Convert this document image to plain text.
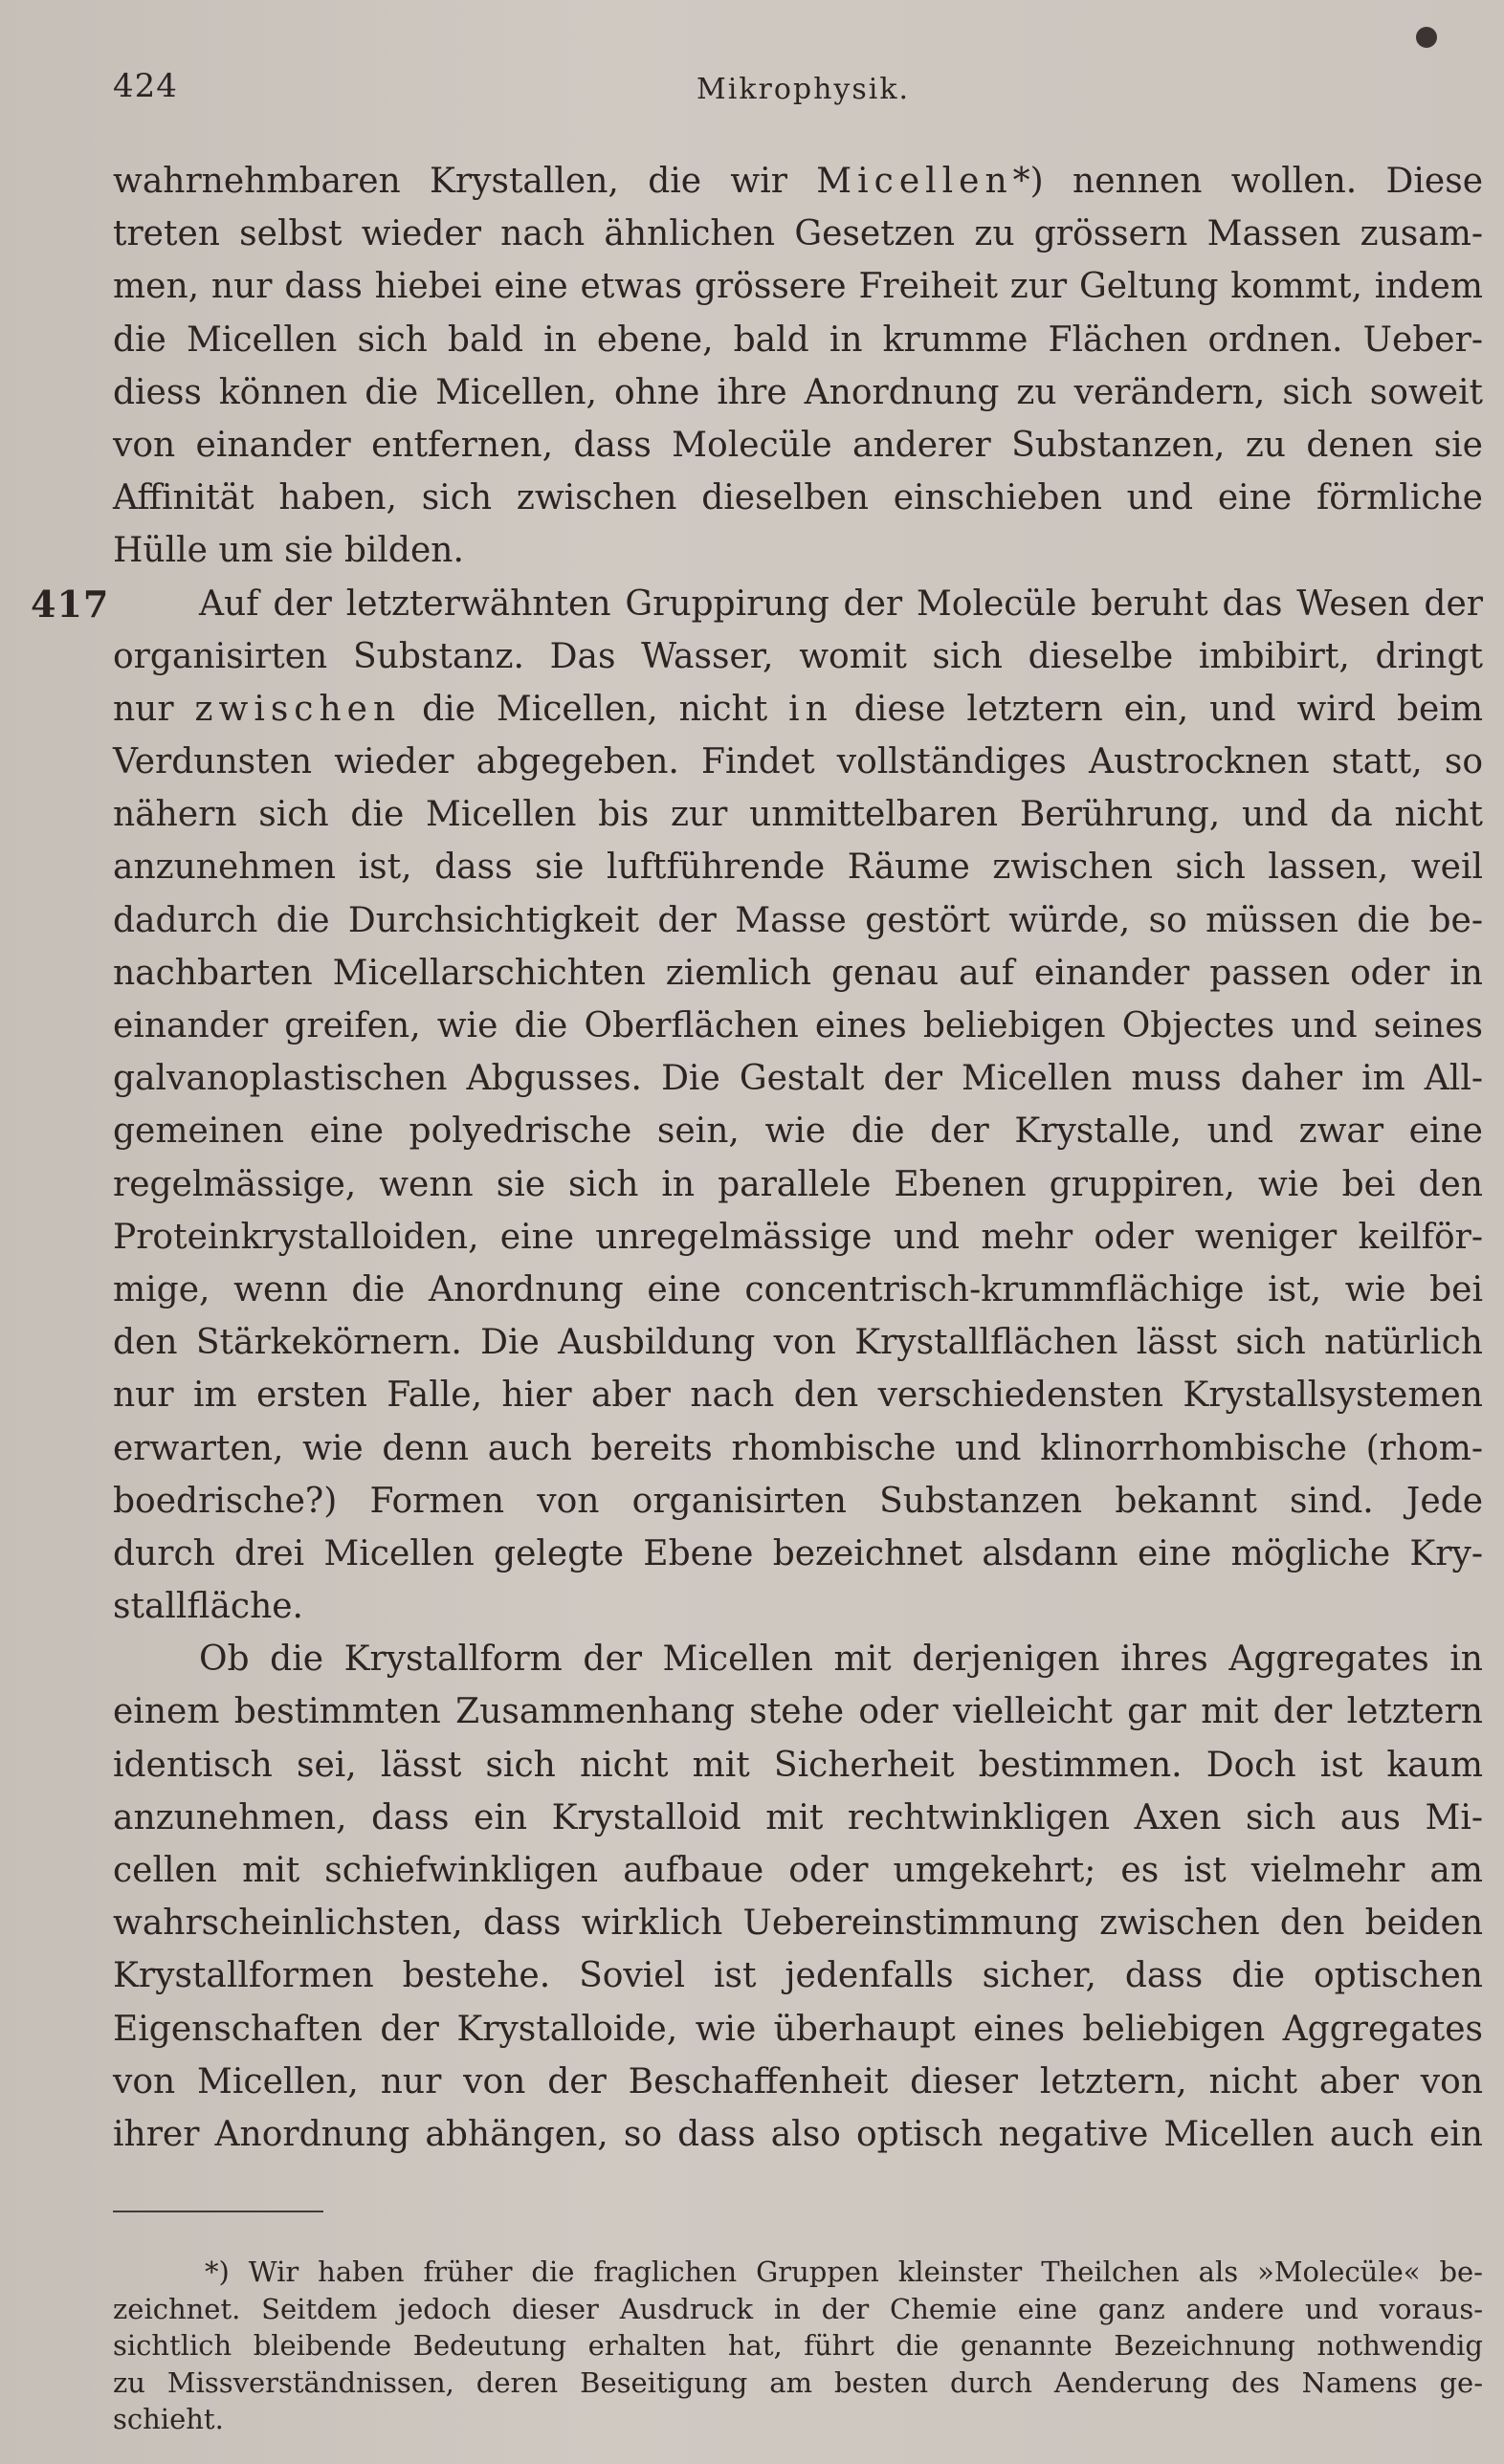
424	Mikrophysik.
wahrnehmbaren Krystallen, die wir Micellen*) nennen wollen. Diese
treten selbst wieder nach ähnlichen Gesetzen zu grössern Massen zusam-
men, nur dass hiebei eine etwas grössere Freiheit zur Geltung kommt, indem
die Micellen sich bald in ebene, bald in krumme Flächen ordnen. Ueber-
diess können die Micellen, ohne ihre Anordnung zu verändern, sich soweit
von einander entfernen, dass Molecüle anderer Substanzen, zu denen sie
Affinität haben, sich zwischen dieselben einschieben und eine förmliche
Hülle um sie bilden.
417	Auf der letzterwähnten Gruppirung der Molecüle beruht das Wesen der
organisirten Substanz. Das Wasser, womit sich dieselbe imbibirt, dringt
nur zwischen die Micellen, nicht in diese letztern ein, und wird beim
Verdunsten wieder abgegeben. Findet vollständiges Austrocknen statt, so
nähern sich die Micellen bis zur unmittelbaren Berührung, und da nicht
anzunehmen ist, dass sie luftführende Räume zwischen sich lassen, weil
dadurch die Durchsichtigkeit der Masse gestört würde, so müssen die be-
nachbarten Micellarschichten ziemlich genau auf einander passen oder in
einander greifen, wie die Oberflächen eines beliebigen Objectes und seines
galvanoplastischen Abgusses. Die Gestalt der Micellen muss daher im All-
gemeinen eine polyedrische sein, wie die der Krystalle, und zwar eine
regelmässige, wenn sie sich in parallele Ebenen gruppiren, wie bei den
Proteinkrystalloiden, eine unregelmässige und mehr oder weniger keilför-
mige, wenn die Anordnung eine concentrisch-krummflächige ist, wie bei
den Stärkekörnern. Die Ausbildung von Krystallflächen lässt sich natürlich
nur im ersten Falle, hier aber nach den verschiedensten Krystallsystemen
erwarten, wie denn auch bereits rhombische und klinorrhombische (rhom-
boedrische?) Formen von organisirten Substanzen bekannt sind. Jede
durch drei Micellen gelegte Ebene bezeichnet alsdann eine mögliche Kry-
stallfläche.
Ob die Krystallform der Micellen mit derjenigen ihres Aggregates in
einem bestimmten Zusammenhang stehe oder vielleicht gar mit der letztern
identisch sei, lässt sich nicht mit Sicherheit bestimmen. Doch ist kaum
anzunehmen, dass ein Krystalloid mit rechtwinkligen Axen sich aus Mi-
cellen mit schiefwinkligen aufbaue oder umgekehrt; es ist vielmehr am
wahrscheinlichsten, dass wirklich Uebereinstimmung zwischen den beiden
Krystallformen bestehe. Soviel ist jedenfalls sicher, dass die optischen
Eigenschaften der Krystalloide, wie überhaupt eines beliebigen Aggregates
von Micellen, nur von der Beschaffenheit dieser letztern, nicht aber von
ihrer Anordnung abhängen, so dass also optisch negative Micellen auch ein
*) Wir haben früher die fraglichen Gruppen kleinster Theilchen als »Molecüle« be-
zeichnet. Seitdem jedoch dieser Ausdruck in der Chemie eine ganz andere und voraus-
sichtlich bleibende Bedeutung erhalten hat, führt die genannte Bezeichnung nothwendig
zu Missverständnissen, deren Beseitigung am besten durch Aenderung des Namens ge-
schieht.
